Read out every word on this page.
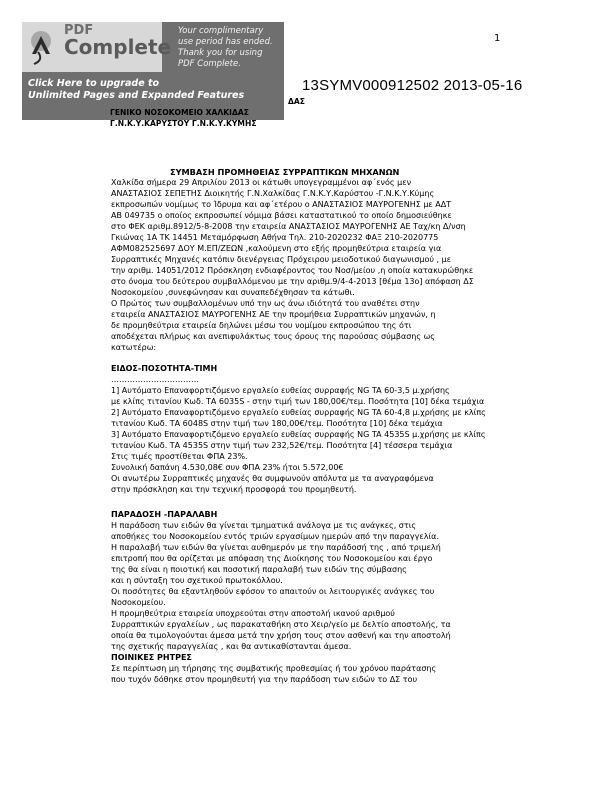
1
PDF
Complete
Your complimentary
use period has ended.
Thank you for using
PDF Complete.
Click Here to upgrade to
Unlimited Pages and Expanded Features
13SYMV000912502 2013-05-16
ΔΑΣ
ΓΕΝΙΚΟ ΝΟΣΟΚΟΜΕΙΟ ΧΑΛΚΙΔΑΣ
Γ.Ν.Κ.Υ.ΚΑΡΥΣΤΟΥ Γ.Ν.Κ.Υ.ΚΥΜΗΣ
ΣΥΜΒΑΣΗ ΠΡΟΜΗΘΕΙΑΣ ΣΥΡΡΑΠΤΙΚΩΝ ΜΗΧΑΝΩΝ
Χαλκίδα σήμερα 29 Απριλίου 2013 οι κάτωθι υπογεγραμμένοι αφ΄ενός μεν
ΑΝΑΣΤΑΣΙΟΣ ΣΕΠΕΤΗΣ Διοικητής Γ.Ν.Χαλκίδας Γ.Ν.Κ.Υ.Καρύστου -Γ.Ν.Κ.Υ.Κύμης
εκπροσωπών νομίμως το Ίδρυμα και αφ΄ετέρου ο ΑΝΑΣΤΑΣΙΟΣ ΜΑΥΡΟΓΕΝΗΣ με ΑΔΤ
ΑΒ 049735 ο οποίος εκπροσωπεί νόμιμα βάσει καταστατικού το οποίο δημοσιεύθηκε
στο ΦΕΚ αριθμ.8912/5-8-2008 την εταιρεία ΑΝΑΣΤΑΣΙΟΣ ΜΑΥΡΟΓΕΝΗΣ ΑΕ Ταχ/κη Δ/νση
Γκιώνας 1Α ΤΚ 14451 Μεταμόρφωση Αθήνα Τηλ. 210-2020232 ΦΑΞ 210-2020775
ΑΦΜ082525697 ΔΟΥ Μ.ΕΠ/ΖΕΩΝ ,καλούμενη στο εξής προμηθεύτρια εταιρεία για
Συρραπτικές Μηχανές κατόπιν διενέργειας Πρόχειρου μειοδοτικού διαγωνισμού , με
την αριθμ. 14051/2012 Πρόσκληση ενδιαφέροντος του Νοσ/μείου ,η οποία κατακυρώθηκε
στο όνομα του δεύτερου συμβαλλόμενου με την αριθμ.9/4-4-2013 [θέμα 13ο] απόφαση ΔΣ
Νοσοκομείου ,συνεφώνησαν και συναπεδέχθησαν τα κάτωθι.
Ο Πρώτος των συμβαλλομένων υπό την ως άνω ιδιότητά του αναθέτει στην
εταιρεία ΑΝΑΣΤΑΣΙΟΣ ΜΑΥΡΟΓΕΝΗΣ ΑΕ την προμήθεια Συρραπτικών μηχανών, η
δε προμηθεύτρια εταιρεία δηλώνει μέσω του νομίμου εκπροσώπου της ότι
αποδέχεται πλήρως και ανεπιφυλάκτως τους όρους της παρούσας σύμβασης ως
κατωτέρω:
ΕΙΔΟΣ-ΠΟΣΟΤΗΤΑ-ΤΙΜΗ
……………………………
1] Αυτόματο Επαναφορτιζόμενο εργαλείο ευθείας συρραφής NG TA 60-3,5 μ.χρήσης
με κλίπς τιτανίου Κωδ. ΤΑ 6035S - στην τιμή των 180,00€/τεμ. Ποσότητα [10] δέκα τεμάχια
2] Αυτόματο Επαναφορτιζόμενο εργαλείο ευθείας συρραφής NG TA 60-4,8 μ.χρήσης με κλίπς
τιτανίου Κωδ. ΤΑ 6048S στην τιμή των 180,00€/τεμ. Ποσότητα [10] δέκα τεμάχια
3] Αυτόματο Επαναφορτιζόμενο εργαλείο ευθείας συρραφής NG TA 4535S μ.χρήσης με κλίπς
τιτανίου Κωδ. ΤΑ 4535S στην τιμή των 232,52€/τεμ. Ποσότητα [4] τέσσερα τεμάχια
Στις τιμές προστίθεται ΦΠΑ 23%.
Συνολική δαπάνη 4.530,08€ συν ΦΠΑ 23% ήτοι 5.572,00€
Οι ανωτέρω Συρραπτικές μηχανές θα συμφωνούν απόλυτα με τα αναγραφόμενα
στην πρόσκληση και την τεχνική προσφορά του προμηθευτή.
ΠΑΡΑΔΟΣΗ -ΠΑΡΑΛΑΒΗ
Η παράδοση των ειδών θα γίνεται τμηματικά ανάλογα με τις ανάγκες, στις
αποθήκες του Νοσοκομείου εντός τριών εργασίμων ημερών από την παραγγελία.
Η παραλαβή των ειδών θα γίνεται αυθημερόν με την παράδοσή της , από τριμελή
επιτροπή που θα ορίζεται με απόφαση της Διοίκησης του Νοσοκομείου και έργο
της θα είναι η ποιοτική και ποσοτική παραλαβή των ειδών της σύμβασης
και η σύνταξη του σχετικού πρωτοκόλλου.
Οι ποσότητες θα εξαντληθούν εφόσον το απαιτούν οι λειτουργικές ανάγκες του
Νοσοκομείου.
Η προμηθεύτρια εταιρεία υποχρεούται στην αποστολή ικανού αριθμού
Συρραπτικών εργαλείων , ως παρακαταθήκη στο Χειρ/γείο με δελτίο αποστολής, τα
οποία θα τιμολογούνται άμεσα μετά την χρήση τους στον ασθενή και την αποστολή
της σχετικής παραγγελίας , και θα αντικαθίστανται άμεσα.
ΠΟΙΝΙΚΕΣ ΡΗΤΡΕΣ
Σε περίπτωση μη τήρησης της συμβατικής προθεσμίας ή του χρόνου παράτασης
που τυχόν δόθηκε στον προμηθευτή για την παράδοση των ειδών το ΔΣ του
